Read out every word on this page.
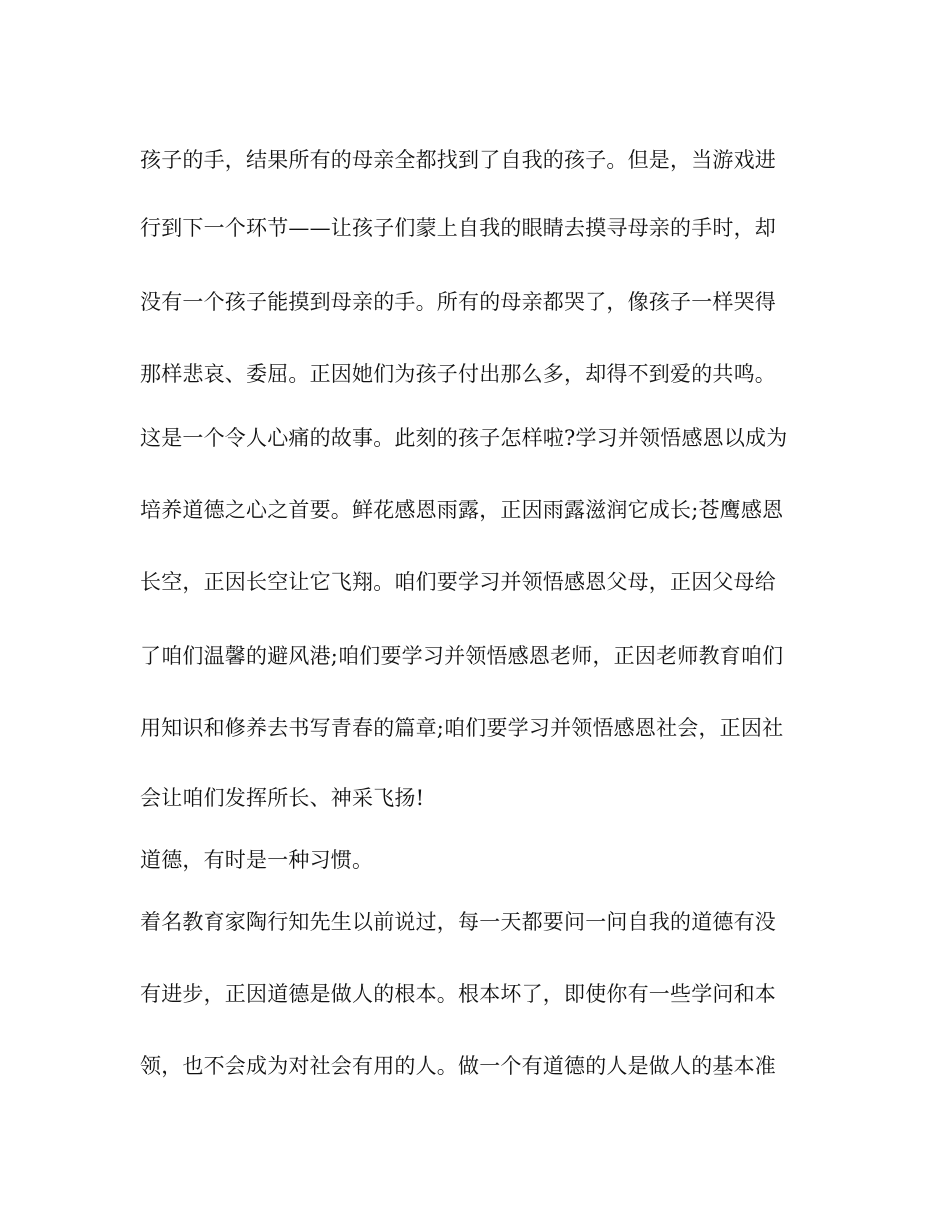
孩子的手，结果所有的母亲全都找到了自我的孩子。但是，当游戏进
行到下一个环节——让孩子们蒙上自我的眼睛去摸寻母亲的手时，却
没有一个孩子能摸到母亲的手。所有的母亲都哭了，像孩子一样哭得
那样悲哀、委屈。正因她们为孩子付出那么多，却得不到爱的共鸣。
这是一个令人心痛的故事。此刻的孩子怎样啦?学习并领悟感恩以成为
培养道德之心之首要。鲜花感恩雨露，正因雨露滋润它成长;苍鹰感恩
长空，正因长空让它飞翔。咱们要学习并领悟感恩父母，正因父母给
了咱们温馨的避风港;咱们要学习并领悟感恩老师，正因老师教育咱们
用知识和修养去书写青春的篇章;咱们要学习并领悟感恩社会，正因社
会让咱们发挥所长、神采飞扬!
道德，有时是一种习惯。
着名教育家陶行知先生以前说过，每一天都要问一问自我的道德有没
有进步，正因道德是做人的根本。根本坏了，即使你有一些学问和本
领，也不会成为对社会有用的人。做一个有道德的人是做人的基本准
